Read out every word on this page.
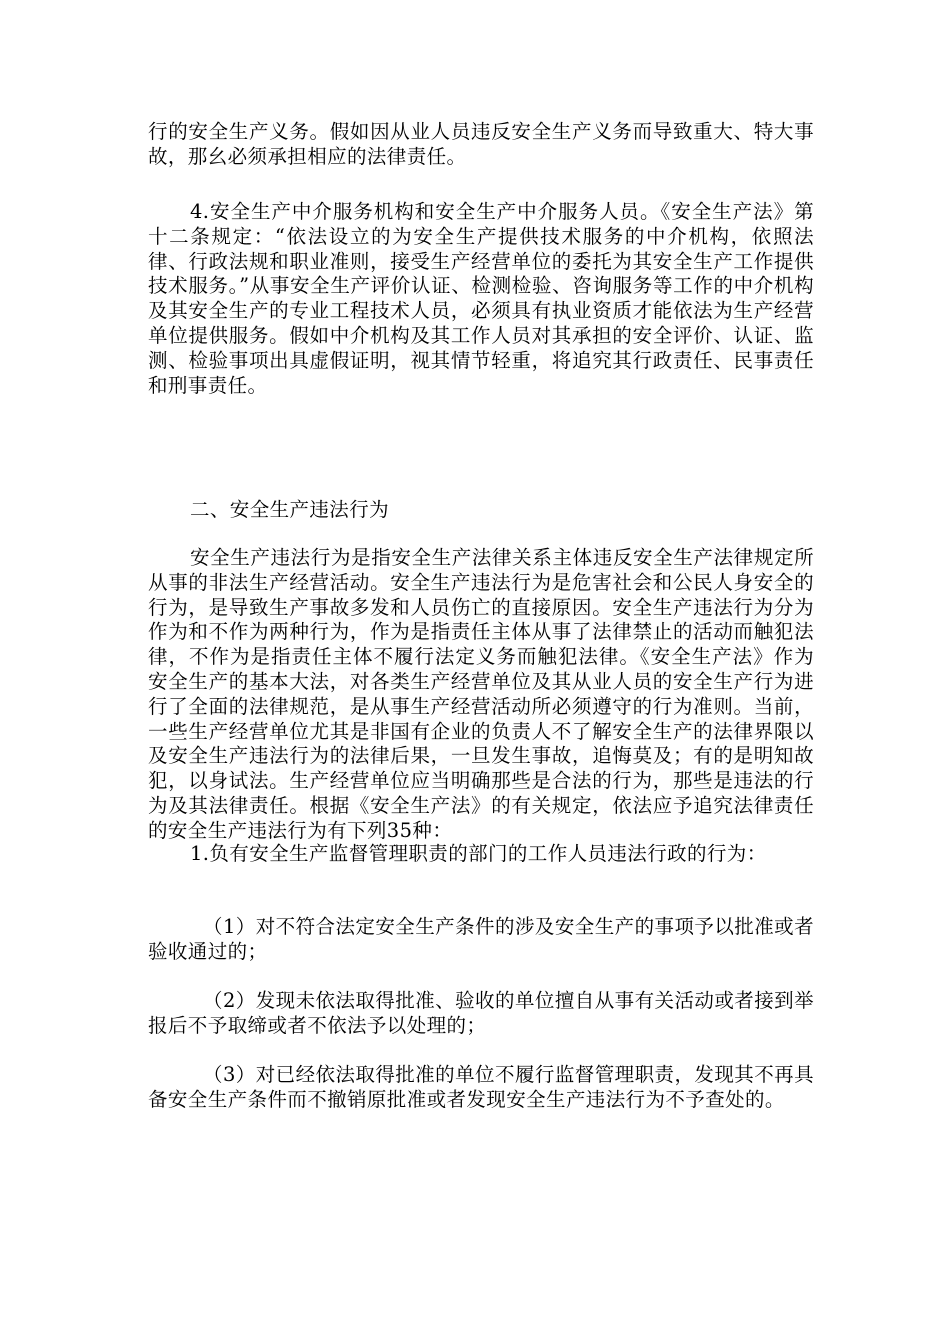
行的安全生产义务。假如因从业人员违反安全生产义务而导致重大、特大事故，那幺必须承担相应的法律责任。

4.安全生产中介服务机构和安全生产中介服务人员。《安全生产法》第十二条规定：“依法设立的为安全生产提供技术服务的中介机构，依照法律、行政法规和职业准则，接受生产经营单位的委托为其安全生产工作提供技术服务。”从事安全生产评价认证、检测检验、咨询服务等工作的中介机构及其安全生产的专业工程技术人员，必须具有执业资质才能依法为生产经营单位提供服务。假如中介机构及其工作人员对其承担的安全评价、认证、监测、检验事项出具虚假证明，视其情节轻重，将追究其行政责任、民事责任和刑事责任。

二、安全生产违法行为

安全生产违法行为是指安全生产法律关系主体违反安全生产法律规定所从事的非法生产经营活动。安全生产违法行为是危害社会和公民人身安全的行为，是导致生产事故多发和人员伤亡的直接原因。安全生产违法行为分为作为和不作为两种行为，作为是指责任主体从事了法律禁止的活动而触犯法律，不作为是指责任主体不履行法定义务而触犯法律。《安全生产法》作为安全生产的基本大法，对各类生产经营单位及其从业人员的安全生产行为进行了全面的法律规范，是从事生产经营活动所必须遵守的行为准则。当前，一些生产经营单位尤其是非国有企业的负责人不了解安全生产的法律界限以及安全生产违法行为的法律后果，一旦发生事故，追悔莫及；有的是明知故犯，以身试法。生产经营单位应当明确那些是合法的行为，那些是违法的行为及其法律责任。根据《安全生产法》的有关规定，依法应予追究法律责任的安全生产违法行为有下列35种：

1.负有安全生产监督管理职责的部门的工作人员违法行政的行为：

（1）对不符合法定安全生产条件的涉及安全生产的事项予以批准或者验收通过的；

（2）发现未依法取得批准、验收的单位擅自从事有关活动或者接到举报后不予取缔或者不依法予以处理的；

（3）对已经依法取得批准的单位不履行监督管理职责，发现其不再具备安全生产条件而不撤销原批准或者发现安全生产违法行为不予查处的。
